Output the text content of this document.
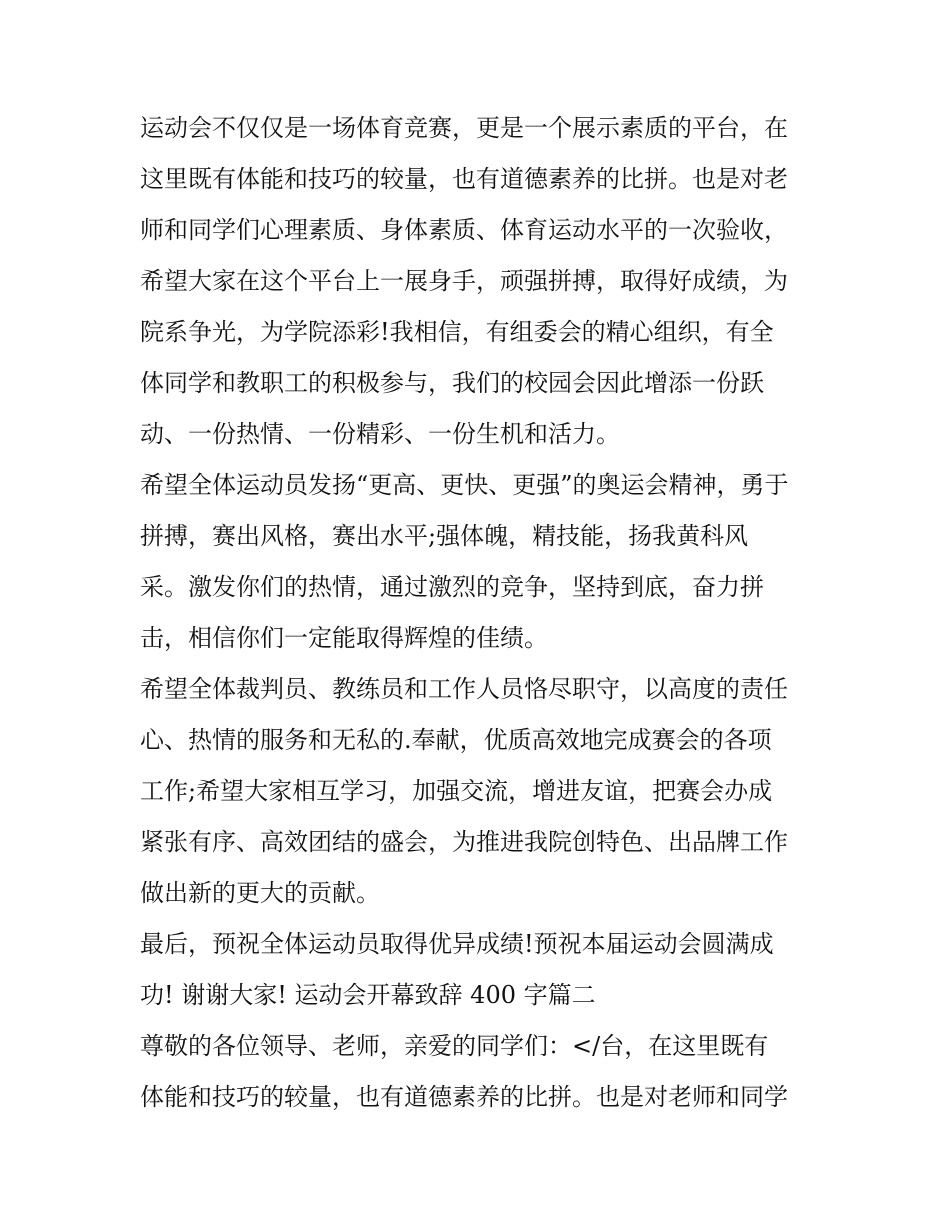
运动会不仅仅是一场体育竞赛，更是一个展示素质的平台，在
这里既有体能和技巧的较量，也有道德素养的比拼。也是对老
师和同学们心理素质、身体素质、体育运动水平的一次验收，
希望大家在这个平台上一展身手，顽强拼搏，取得好成绩，为
院系争光，为学院添彩!我相信，有组委会的精心组织，有全
体同学和教职工的积极参与，我们的校园会因此增添一份跃
动、一份热情、一份精彩、一份生机和活力。
希望全体运动员发扬“更高、更快、更强”的奥运会精神，勇于
拼搏，赛出风格，赛出水平;强体魄，精技能，扬我黄科风
采。激发你们的热情，通过激烈的竞争，坚持到底，奋力拼
击，相信你们一定能取得辉煌的佳绩。
希望全体裁判员、教练员和工作人员恪尽职守，以高度的责任
心、热情的服务和无私的.奉献，优质高效地完成赛会的各项
工作;希望大家相互学习，加强交流，增进友谊，把赛会办成
紧张有序、高效团结的盛会，为推进我院创特色、出品牌工作
做出新的更大的贡献。
最后，预祝全体运动员取得优异成绩!预祝本届运动会圆满成
功! 谢谢大家! 运动会开幕致辞 400 字篇二
尊敬的各位领导、老师，亲爱的同学们：</台，在这里既有
体能和技巧的较量，也有道德素养的比拼。也是对老师和同学
